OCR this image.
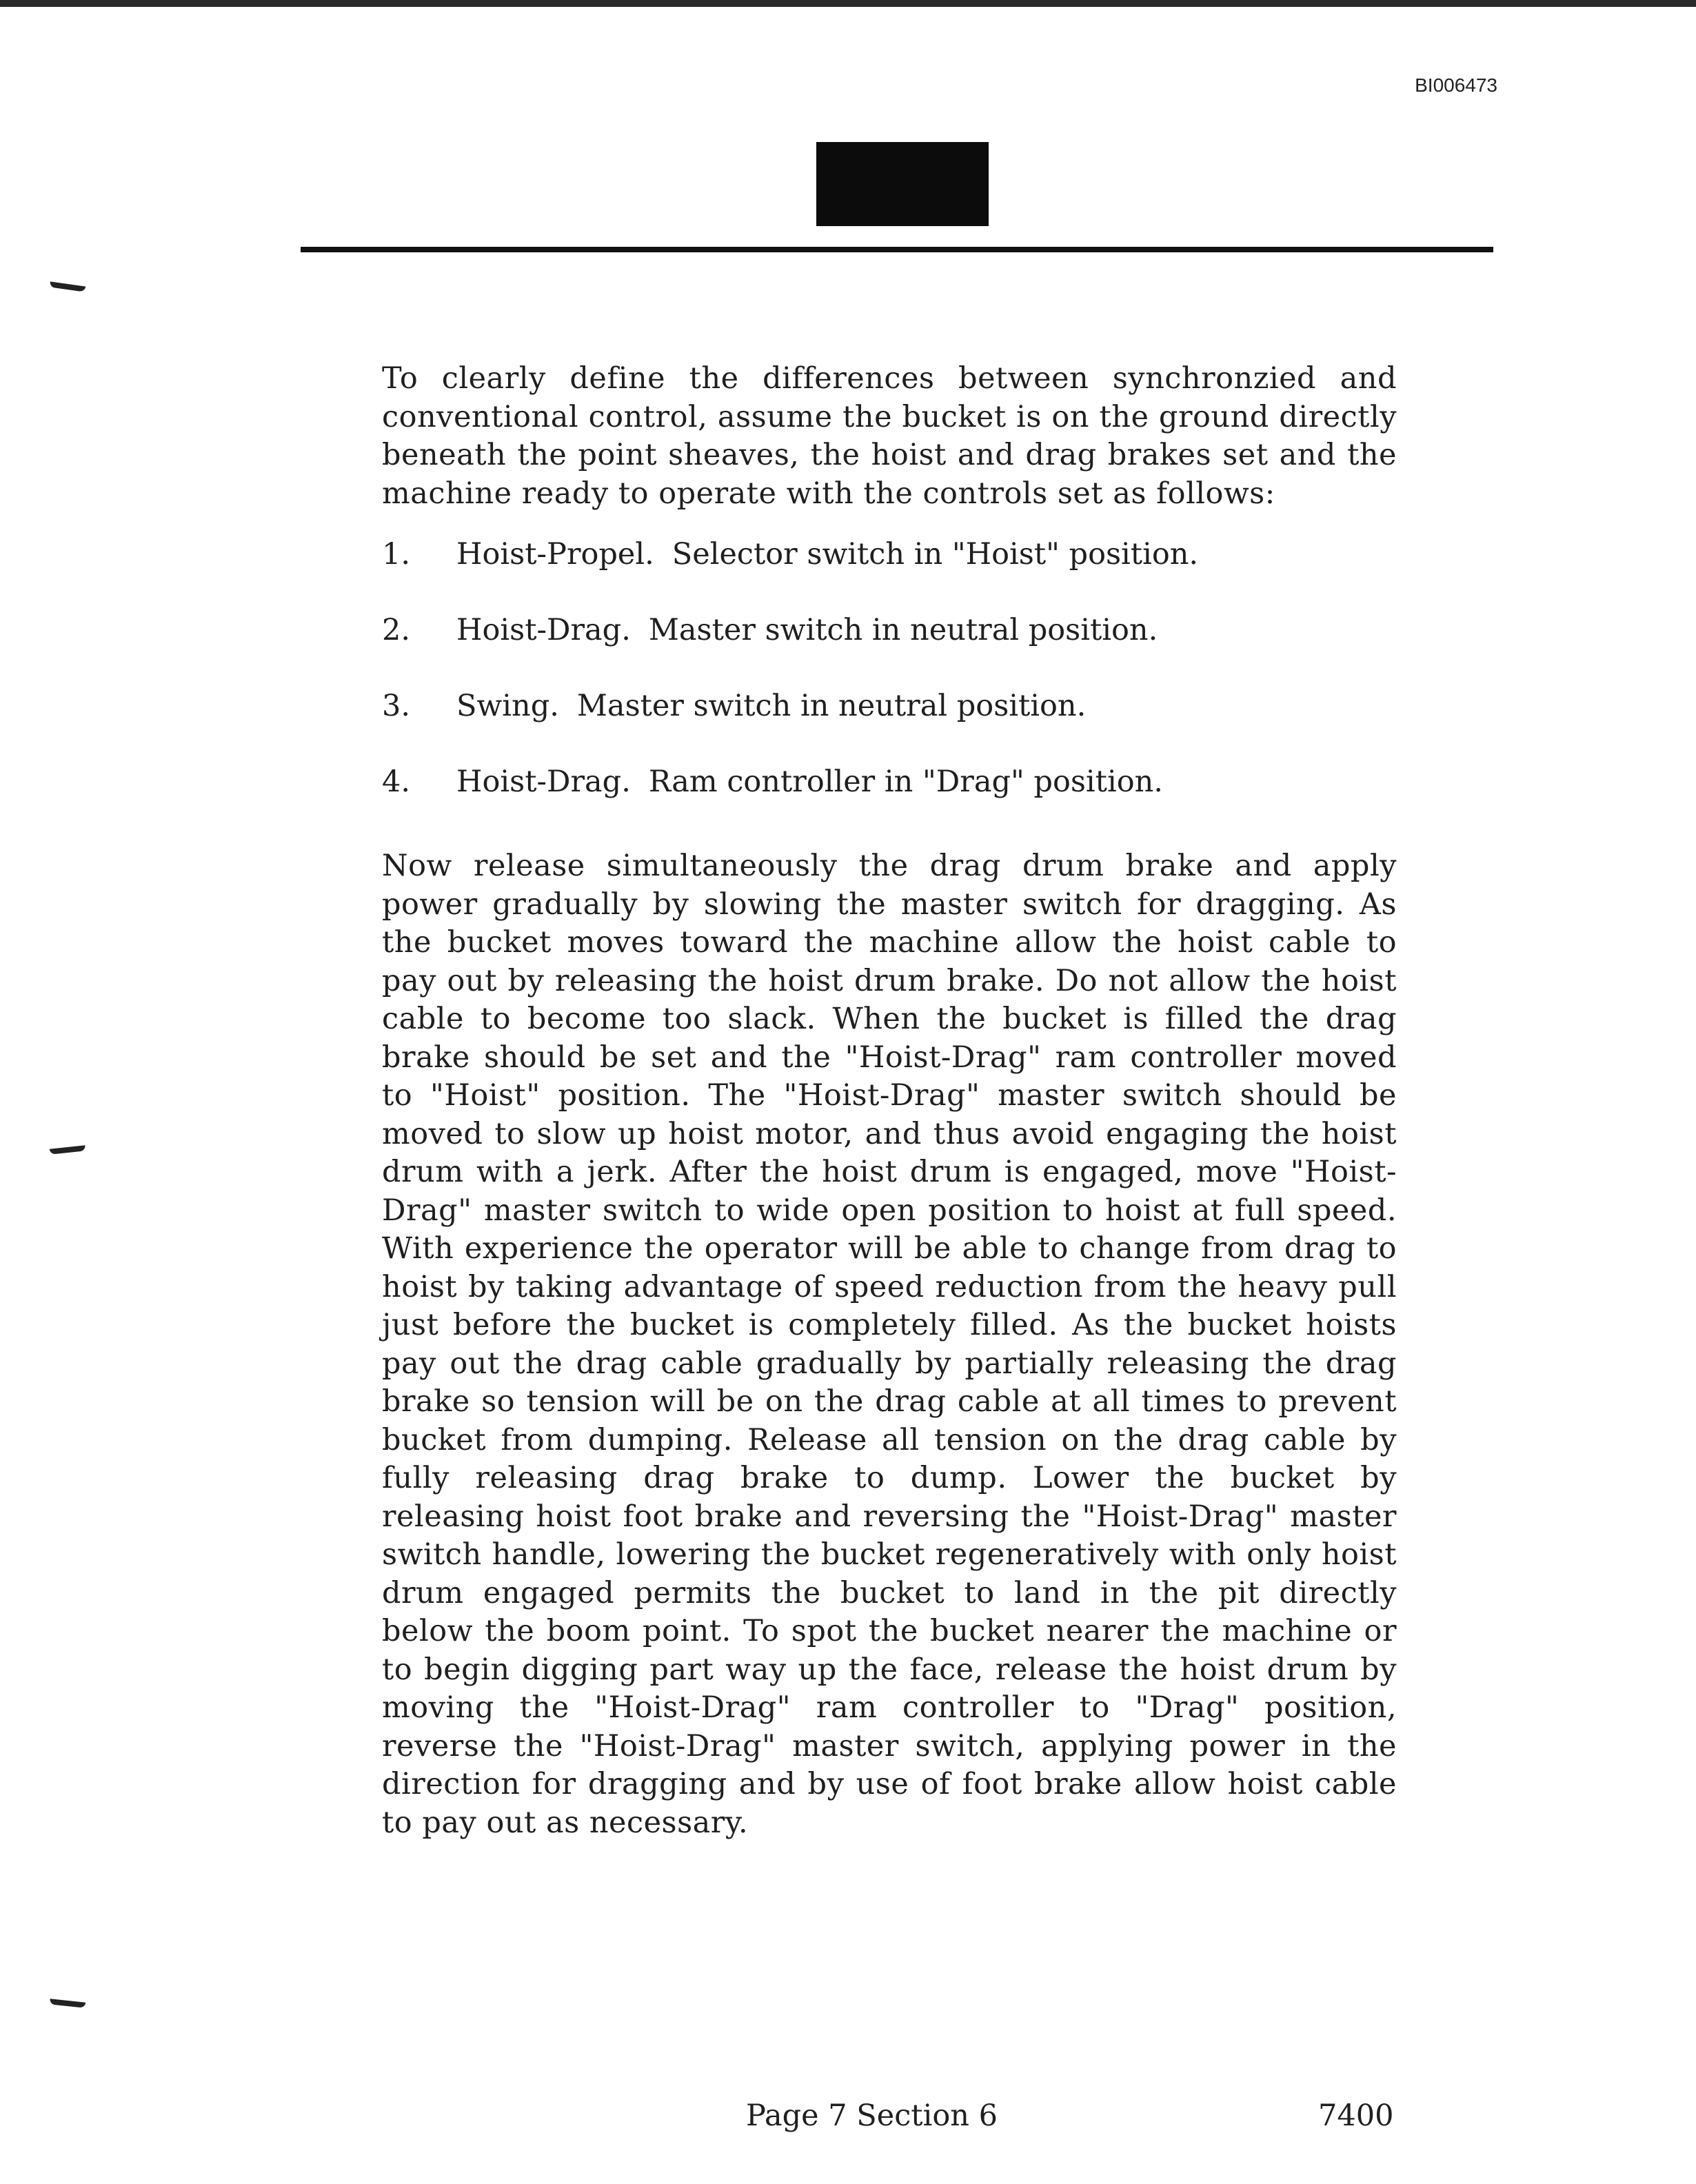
BI006473

To clearly define the differences between synchronzied and conventional control, assume the bucket is on the ground directly beneath the point sheaves, the hoist and drag brakes set and the machine ready to operate with the controls set as follows:

1.	Hoist-Propel. Selector switch in "Hoist" position.
2.	Hoist-Drag. Master switch in neutral position.
3.	Swing. Master switch in neutral position.
4.	Hoist-Drag. Ram controller in "Drag" position.

Now release simultaneously the drag drum brake and apply power gradually by slowing the master switch for dragging. As the bucket moves toward the machine allow the hoist cable to pay out by releasing the hoist drum brake. Do not allow the hoist cable to become too slack. When the bucket is filled the drag brake should be set and the "Hoist-Drag" ram controller moved to "Hoist" position. The "Hoist-Drag" master switch should be moved to slow up hoist motor, and thus avoid engaging the hoist drum with a jerk. After the hoist drum is engaged, move "Hoist-Drag" master switch to wide open position to hoist at full speed. With experience the operator will be able to change from drag to hoist by taking advantage of speed reduction from the heavy pull just before the bucket is completely filled. As the bucket hoists pay out the drag cable gradually by partially releasing the drag brake so tension will be on the drag cable at all times to prevent bucket from dumping. Release all tension on the drag cable by fully releasing drag brake to dump. Lower the bucket by releasing hoist foot brake and reversing the "Hoist-Drag" master switch handle, lowering the bucket regeneratively with only hoist drum engaged permits the bucket to land in the pit directly below the boom point. To spot the bucket nearer the machine or to begin digging part way up the face, release the hoist drum by moving the "Hoist-Drag" ram controller to "Drag" position, reverse the "Hoist-Drag" master switch, applying power in the direction for dragging and by use of foot brake allow hoist cable to pay out as necessary.

Page 7 Section 6	7400
